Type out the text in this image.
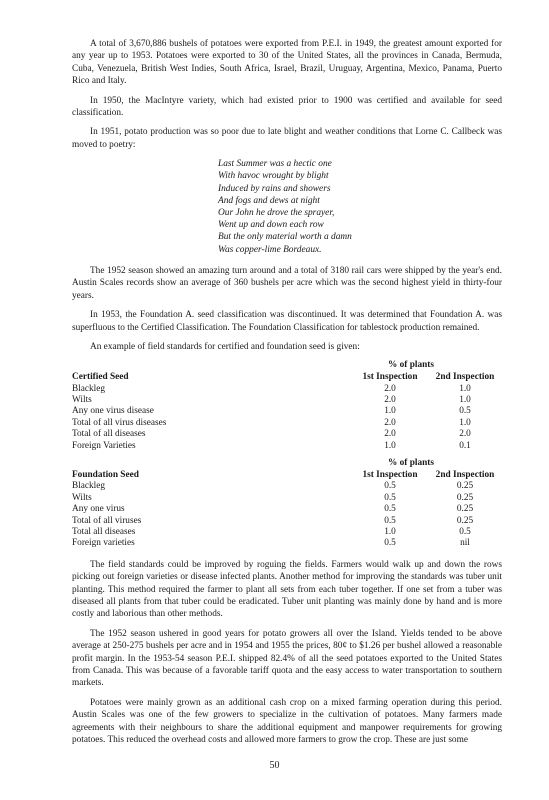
A total of 3,670,886 bushels of potatoes were exported from P.E.I. in 1949, the greatest amount exported for any year up to 1953. Potatoes were exported to 30 of the United States, all the provinces in Canada, Bermuda, Cuba, Venezuela, British West Indies, South Africa, Israel, Brazil, Uruguay, Argentina, Mexico, Panama, Puerto Rico and Italy.

In 1950, the MacIntyre variety, which had existed prior to 1900 was certified and available for seed classification.

In 1951, potato production was so poor due to late blight and weather conditions that Lorne C. Callbeck was moved to poetry:

Last Summer was a hectic one
With havoc wrought by blight
Induced by rains and showers
And fogs and dews at night
Our John he drove the sprayer,
Went up and down each row
But the only material worth a damn
Was copper-lime Bordeaux.

The 1952 season showed an amazing turn around and a total of 3180 rail cars were shipped by the year's end. Austin Scales records show an average of 360 bushels per acre which was the second highest yield in thirty-four years.

In 1953, the Foundation A. seed classification was discontinued. It was determined that Foundation A. was superfluous to the Certified Classification. The Foundation Classification for tablestock production remained.

An example of field standards for certified and foundation seed is given:

% of plants
Certified Seed	1st Inspection	2nd Inspection
Blackleg	2.0	1.0
Wilts	2.0	1.0
Any one virus disease	1.0	0.5
Total of all virus diseases	2.0	1.0
Total of all diseases	2.0	2.0
Foreign Varieties	1.0	0.1
% of plants
Foundation Seed	1st Inspection	2nd Inspection
Blackleg	0.5	0.25
Wilts	0.5	0.25
Any one virus	0.5	0.25
Total of all viruses	0.5	0.25
Total all diseases	1.0	0.5
Foreign varieties	0.5	nil

The field standards could be improved by roguing the fields. Farmers would walk up and down the rows picking out foreign varieties or disease infected plants. Another method for improving the standards was tuber unit planting. This method required the farmer to plant all sets from each tuber together. If one set from a tuber was diseased all plants from that tuber could be eradicated. Tuber unit planting was mainly done by hand and is more costly and laborious than other methods.

The 1952 season ushered in good years for potato growers all over the Island. Yields tended to be above average at 250-275 bushels per acre and in 1954 and 1955 the prices, 80¢ to $1.26 per bushel allowed a reasonable profit margin. In the 1953-54 season P.E.I. shipped 82.4% of all the seed potatoes exported to the United States from Canada. This was because of a favorable tariff quota and the easy access to water transportation to southern markets.

Potatoes were mainly grown as an additional cash crop on a mixed farming operation during this period. Austin Scales was one of the few growers to specialize in the cultivation of potatoes. Many farmers made agreements with their neighbours to share the additional equipment and manpower requirements for growing potatoes. This reduced the overhead costs and allowed more farmers to grow the crop. These are just some

50
